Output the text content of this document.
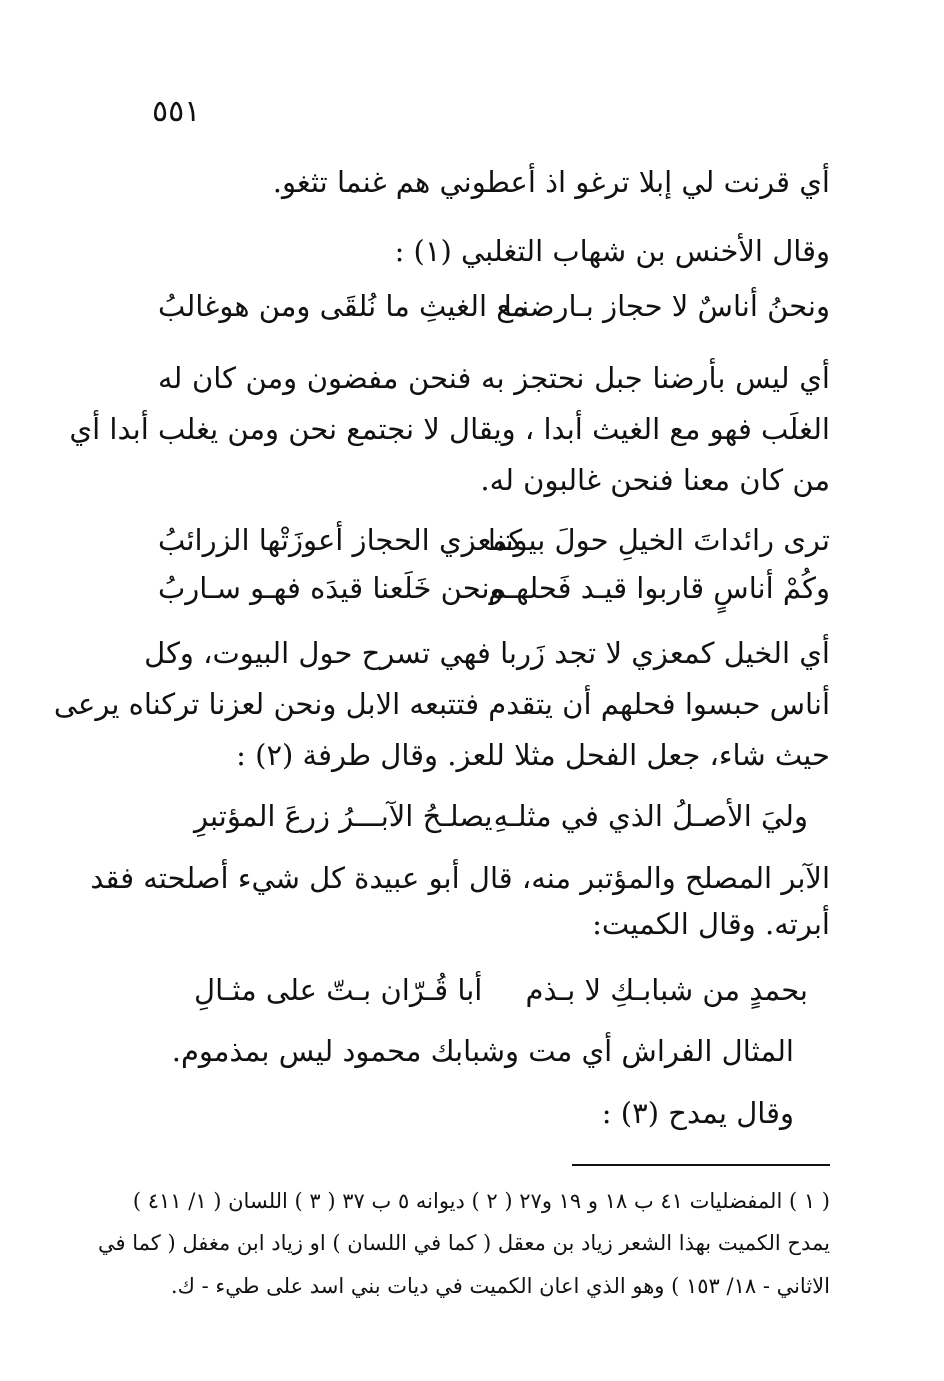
٥٥١
أي قرنت لي إبلا ترغو اذ أعطوني هم غنما تثغو.
وقال الأخنس بن شهاب التغلبي (١) :
ونحنُ أناسٌ لا حجاز بـارضنـا
مع الغيثِ ما نُلقَى ومن هوغالبُ
أي ليس بأرضنا جبل نحتجز به فنحن مفضون ومن كان له
الغلَب فهو مع الغيث أبدا ، ويقال لا نجتمع نحن ومن يغلب أبدا أي
من كان معنا فنحن غالبون له.
ترى رائداتَ الخيلِ حولَ بيوتنا
كمعزي الحجاز أعوزَتْها الزرائبُ
وكُمْ أناسٍ قاربوا قيـد فَحلهـم
ونحن خَلَعنا قيدَه فهـو سـاربُ
أي الخيل كمعزي لا تجد زَربا فهي تسرح حول البيوت، وكل
أناس حبسوا فحلهم أن يتقدم فتتبعه الابل ونحن لعزنا تركناه يرعى
حيث شاء، جعل الفحل مثلا للعز. وقال طرفة (٢) :
وليَ الأصـلُ الذي في مثلـهِ
يصلـحُ الآبـــرُ زرعَ المؤتبرِ
الآبر المصلح والمؤتبر منه، قال أبو عبيدة كل شيء أصلحته فقد
أبرته. وقال الكميت:
بحمدٍ من شبابـكِ لا بـذم
أبا قُـرّان بـتّ على مثـالِ
المثال الفراش أي مت وشبابك محمود ليس بمذموم.
وقال يمدح (٣) :
( ١ ) المفضليات ٤١ ب ١٨ و ١٩ و٢٧ ( ٢ ) ديوانه ٥ ب ٣٧ ( ٣ ) اللسان ( ١/ ٤١١ )
يمدح الكميت بهذا الشعر زياد بن معقل ( كما في اللسان ) او زياد ابن مغفل ( كما في
الاثاني - ١٨/ ١٥٣ ) وهو الذي اعان الكميت في ديات بني اسد على طيء - ك.
